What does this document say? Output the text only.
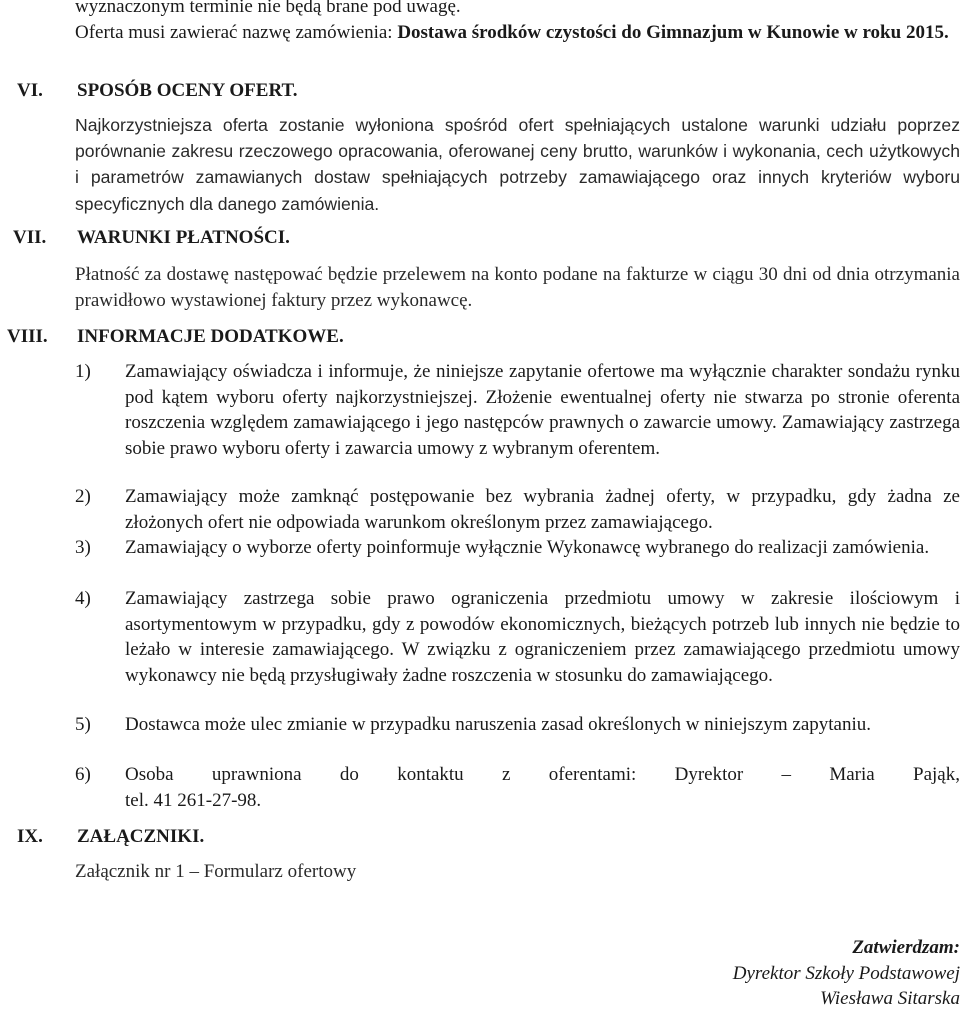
wyznaczonym terminie nie będą brane pod uwagę.
Oferta musi zawierać nazwę zamówienia: Dostawa środków czystości do Gimnazjum w Kunowie w roku 2015.
VI. SPOSÓB OCENY OFERT.
Najkorzystniejsza oferta zostanie wyłoniona spośród ofert spełniających ustalone warunki udziału poprzez porównanie zakresu rzeczowego opracowania, oferowanej ceny brutto, warunków i wykonania, cech użytkowych i parametrów zamawianych dostaw spełniających potrzeby zamawiającego oraz innych kryteriów wyboru specyficznych dla danego zamówienia.
VII. WARUNKI PŁATNOŚCI.
Płatność za dostawę następować będzie przelewem na konto podane na fakturze w ciągu 30 dni od dnia otrzymania prawidłowo wystawionej faktury przez wykonawcę.
VIII. INFORMACJE DODATKOWE.
1) Zamawiający oświadcza i informuje, że niniejsze zapytanie ofertowe ma wyłącznie charakter sondażu rynku pod kątem wyboru oferty najkorzystniejszej. Złożenie ewentualnej oferty nie stwarza po stronie oferenta roszczenia względem zamawiającego i jego następców prawnych o zawarcie umowy. Zamawiający zastrzega sobie prawo wyboru oferty i zawarcia umowy z wybranym oferentem.
2) Zamawiający może zamknąć postępowanie bez wybrania żadnej oferty, w przypadku, gdy żadna ze złożonych ofert nie odpowiada warunkom określonym przez zamawiającego.
3) Zamawiający o wyborze oferty poinformuje wyłącznie Wykonawcę wybranego do realizacji zamówienia.
4) Zamawiający zastrzega sobie prawo ograniczenia przedmiotu umowy w zakresie ilościowym i asortymentowym w przypadku, gdy z powodów ekonomicznych, bieżących potrzeb lub innych nie będzie to leżało w interesie zamawiającego. W związku z ograniczeniem przez zamawiającego przedmiotu umowy wykonawcy nie będą przysługiwały żadne roszczenia w stosunku do zamawiającego.
5) Dostawca może ulec zmianie w przypadku naruszenia zasad określonych w niniejszym zapytaniu.
6) Osoba uprawniona do kontaktu z oferentami: Dyrektor – Maria Pająk,
tel. 41 261-27-98.
IX. ZAŁĄCZNIKI.
Załącznik nr 1 – Formularz ofertowy
Zatwierdzam:
Dyrektor Szkoły Podstawowej
Wiesława Sitarska
